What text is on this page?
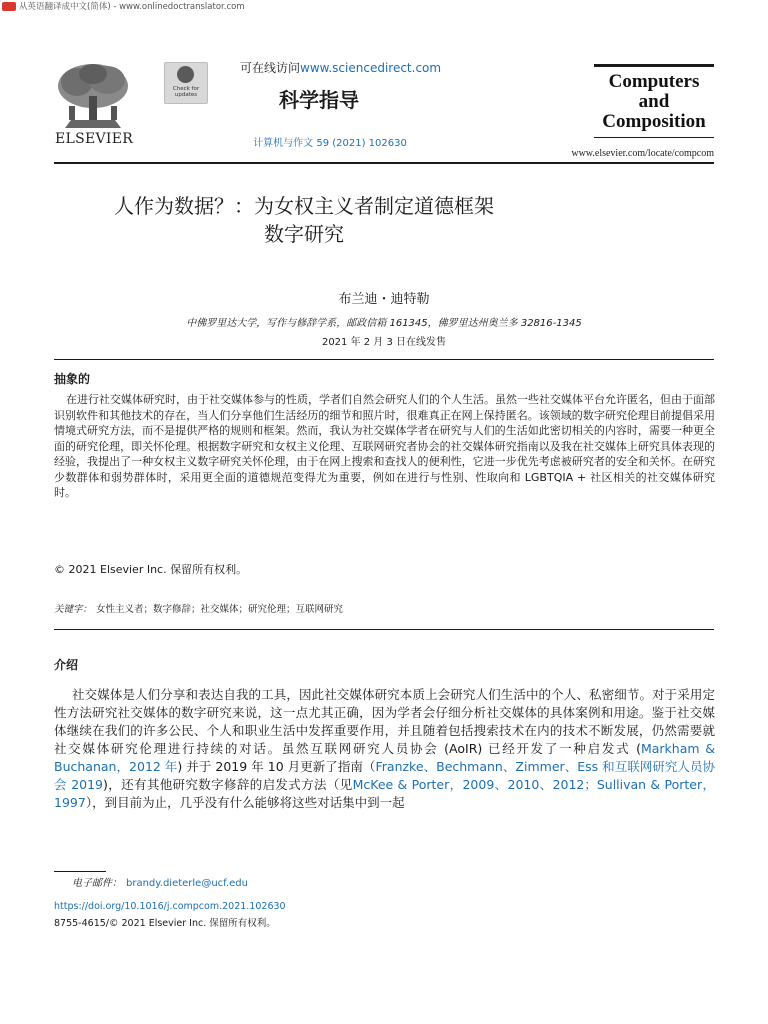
从英语翻译成中文(简体) - www.onlinedoctranslator.com
ELSEVIER
Check for updates
可在线访问www.sciencedirect.com
科学指导
计算机与作文 59 (2021) 102630
Computers
and
Composition
www.elsevier.com/locate/compcom
人作为数据？：为女权主义者制定道德框架
数字研究
布兰迪・迪特勒
中佛罗里达大学，写作与修辞学系，邮政信箱 161345，佛罗里达州奥兰多 32816-1345
2021 年 2 月 3 日在线发售
抽象的
在进行社交媒体研究时，由于社交媒体参与的性质，学者们自然会研究人们的个人生活。虽然一些社交媒体平台允许匿名，但由于面部识别软件和其他技术的存在，当人们分享他们生活经历的细节和照片时，很难真正在网上保持匿名。该领域的数字研究伦理目前提倡采用情境式研究方法，而不是提供严格的规则和框架。然而，我认为社交媒体学者在研究与人们的生活如此密切相关的内容时，需要一种更全面的研究伦理，即关怀伦理。根据数字研究和女权主义伦理、互联网研究者协会的社交媒体研究指南以及我在社交媒体上研究具体表现的经验，我提出了一种女权主义数字研究关怀伦理，由于在网上搜索和查找人的便利性，它进一步优先考虑被研究者的安全和关怀。在研究少数群体和弱势群体时，采用更全面的道德规范变得尤为重要，例如在进行与性别、性取向和 LGBTQIA + 社区相关的社交媒体研究时。
© 2021 Elsevier Inc. 保留所有权利。
关键字： 女性主义者；数字修辞；社交媒体；研究伦理；互联网研究
介绍
社交媒体是人们分享和表达自我的工具，因此社交媒体研究本质上会研究人们生活中的个人、私密细节。对于采用定性方法研究社交媒体的数字研究来说，这一点尤其正确，因为学者会仔细分析社交媒体的具体案例和用途。鉴于社交媒体继续在我们的许多公民、个人和职业生活中发挥重要作用，并且随着包括搜索技术在内的技术不断发展，仍然需要就社交媒体研究伦理进行持续的对话。虽然互联网研究人员协会 (AoIR) 已经开发了一种启发式 (Markham & Buchanan，2012 年) 并于 2019 年 10 月更新了指南（Franzke、Bechmann、Zimmer、Ess 和互联网研究人员协会 2019)，还有其他研究数字修辞的启发式方法（见McKee & Porter，2009、2010、2012；Sullivan & Porter，1997），到目前为止，几乎没有什么能够将这些对话集中到一起
电子邮件： brandy.dieterle@ucf.edu
https://doi.org/10.1016/j.compcom.2021.102630
8755-4615/© 2021 Elsevier Inc. 保留所有权利。
